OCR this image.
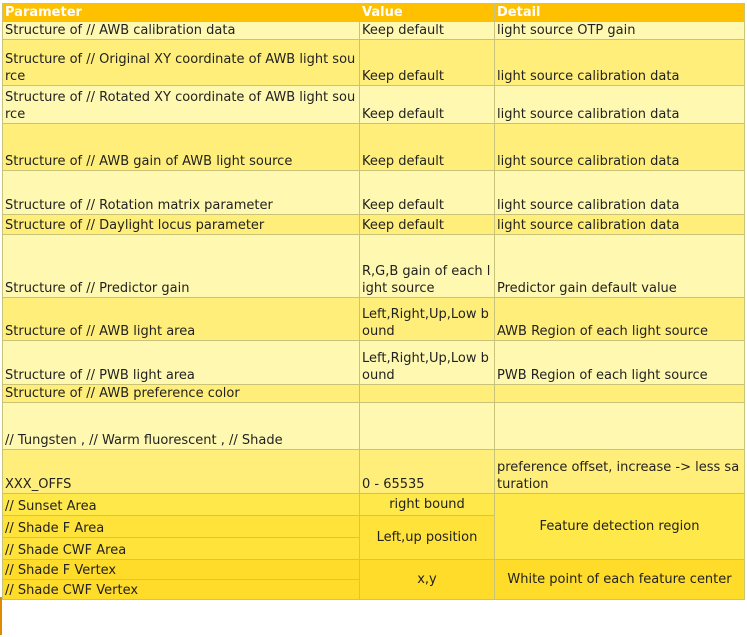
Parameter	Value	Detail
Structure of // AWB calibration data	Keep default	light source OTP gain
Structure of // Original XY coordinate of AWB light source	Keep default	light source calibration data
Structure of // Rotated XY coordinate of AWB light source	Keep default	light source calibration data
Structure of // AWB gain of AWB light source	Keep default	light source calibration data
Structure of // Rotation matrix parameter	Keep default	light source calibration data
Structure of // Daylight locus parameter	Keep default	light source calibration data
Structure of // Predictor gain	R,G,B gain of each light source	Predictor gain default value
Structure of // AWB light area	Left,Right,Up,Low bound	AWB Region of each light source
Structure of // PWB light area	Left,Right,Up,Low bound	PWB Region of each light source
Structure of // AWB preference color		
// Tungsten , // Warm fluorescent , // Shade		
XXX_OFFS	0 - 65535	preference offset, increase -> less saturation
// Sunset Area	right bound	Feature detection region
// Shade F Area	Left,up position	
// Shade CWF Area		
// Shade F Vertex	x,y	White point of each feature center
// Shade CWF Vertex		
